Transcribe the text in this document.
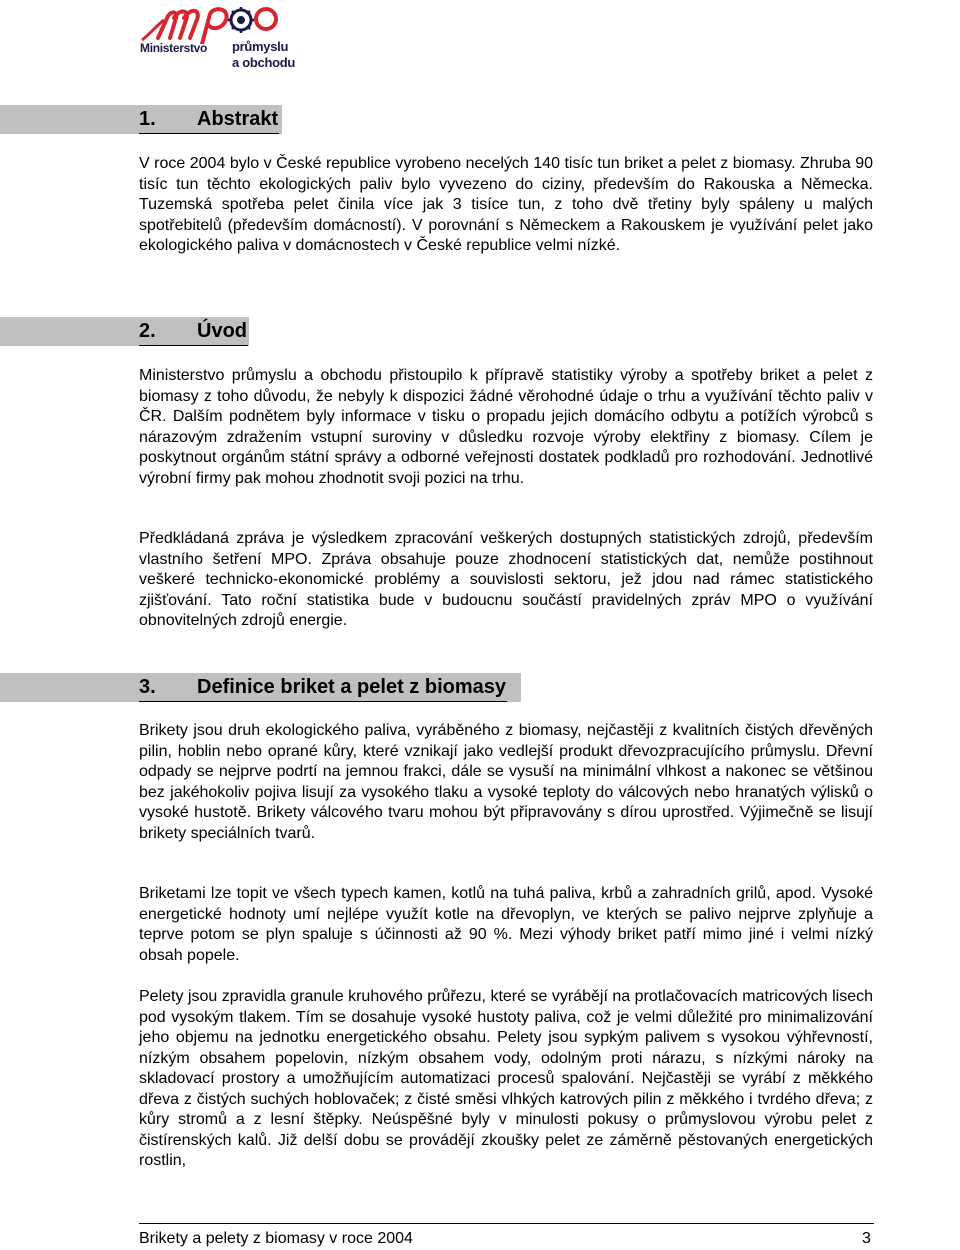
Ministerstvo průmyslu
a obchodu
1. Abstrakt

V roce 2004 bylo v České republice vyrobeno necelých 140 tisíc tun briket a pelet z biomasy. Zhruba 90 tisíc tun těchto ekologických paliv bylo vyvezeno do ciziny, především do Rakouska a Německa. Tuzemská spotřeba pelet činila více jak 3 tisíce tun, z toho dvě třetiny byly spáleny u malých spotřebitelů (především domácností). V porovnání s Německem a Rakouskem je využívání pelet jako ekologického paliva v domácnostech v České republice velmi nízké.

2. Úvod

Ministerstvo průmyslu a obchodu přistoupilo k přípravě statistiky výroby a spotřeby briket a pelet z biomasy z toho důvodu, že nebyly k dispozici žádné věrohodné údaje o trhu a využívání těchto paliv v ČR. Dalším podnětem byly informace v tisku o propadu jejich domácího odbytu a potížích výrobců s nárazovým zdražením vstupní suroviny v důsledku rozvoje výroby elektřiny z biomasy. Cílem je poskytnout orgánům státní správy a odborné veřejnosti dostatek podkladů pro rozhodování. Jednotlivé výrobní firmy pak mohou zhodnotit svoji pozici na trhu.

Předkládaná zpráva je výsledkem zpracování veškerých dostupných statistických zdrojů, především vlastního šetření MPO. Zpráva obsahuje pouze zhodnocení statistických dat, nemůže postihnout veškeré technicko-ekonomické problémy a souvislosti sektoru, jež jdou nad rámec statistického zjišťování. Tato roční statistika bude v budoucnu součástí pravidelných zpráv MPO o využívání obnovitelných zdrojů energie.

3. Definice briket a pelet z biomasy

Brikety jsou druh ekologického paliva, vyráběného z biomasy, nejčastěji z kvalitních čistých dřevěných pilin, hoblin nebo oprané kůry, které vznikají jako vedlejší produkt dřevozpracujícího průmyslu. Dřevní odpady se nejprve podrtí na jemnou frakci, dále se vysuší na minimální vlhkost a nakonec se většinou bez jakéhokoliv pojiva lisují za vysokého tlaku a vysoké teploty do válcových nebo hranatých výlisků o vysoké hustotě. Brikety válcového tvaru mohou být připravovány s dírou uprostřed. Výjimečně se lisují brikety speciálních tvarů.

Briketami lze topit ve všech typech kamen, kotlů na tuhá paliva, krbů a zahradních grilů, apod. Vysoké energetické hodnoty umí nejlépe využít kotle na dřevoplyn, ve kterých se palivo nejprve zplyňuje a teprve potom se plyn spaluje s účinnosti až 90 %. Mezi výhody briket patří mimo jiné i velmi nízký obsah popele.

Pelety jsou zpravidla granule kruhového průřezu, které se vyrábějí na protlačovacích matricových lisech pod vysokým tlakem. Tím se dosahuje vysoké hustoty paliva, což je velmi důležité pro minimalizování jeho objemu na jednotku energetického obsahu. Pelety jsou sypkým palivem s vysokou výhřevností, nízkým obsahem popelovin, nízkým obsahem vody, odolným proti nárazu, s nízkými nároky na skladovací prostory a umožňujícím automatizaci procesů spalování. Nejčastěji se vyrábí z měkkého dřeva z čistých suchých hoblovaček; z čisté směsi vlhkých katrových pilin z měkkého i tvrdého dřeva; z kůry stromů a z lesní štěpky. Neúspěšné byly v minulosti pokusy o průmyslovou výrobu pelet z čistírenských kalů. Již delší dobu se provádějí zkoušky pelet ze záměrně pěstovaných energetických rostlin,

Brikety a pelety z biomasy v roce 2004	3
